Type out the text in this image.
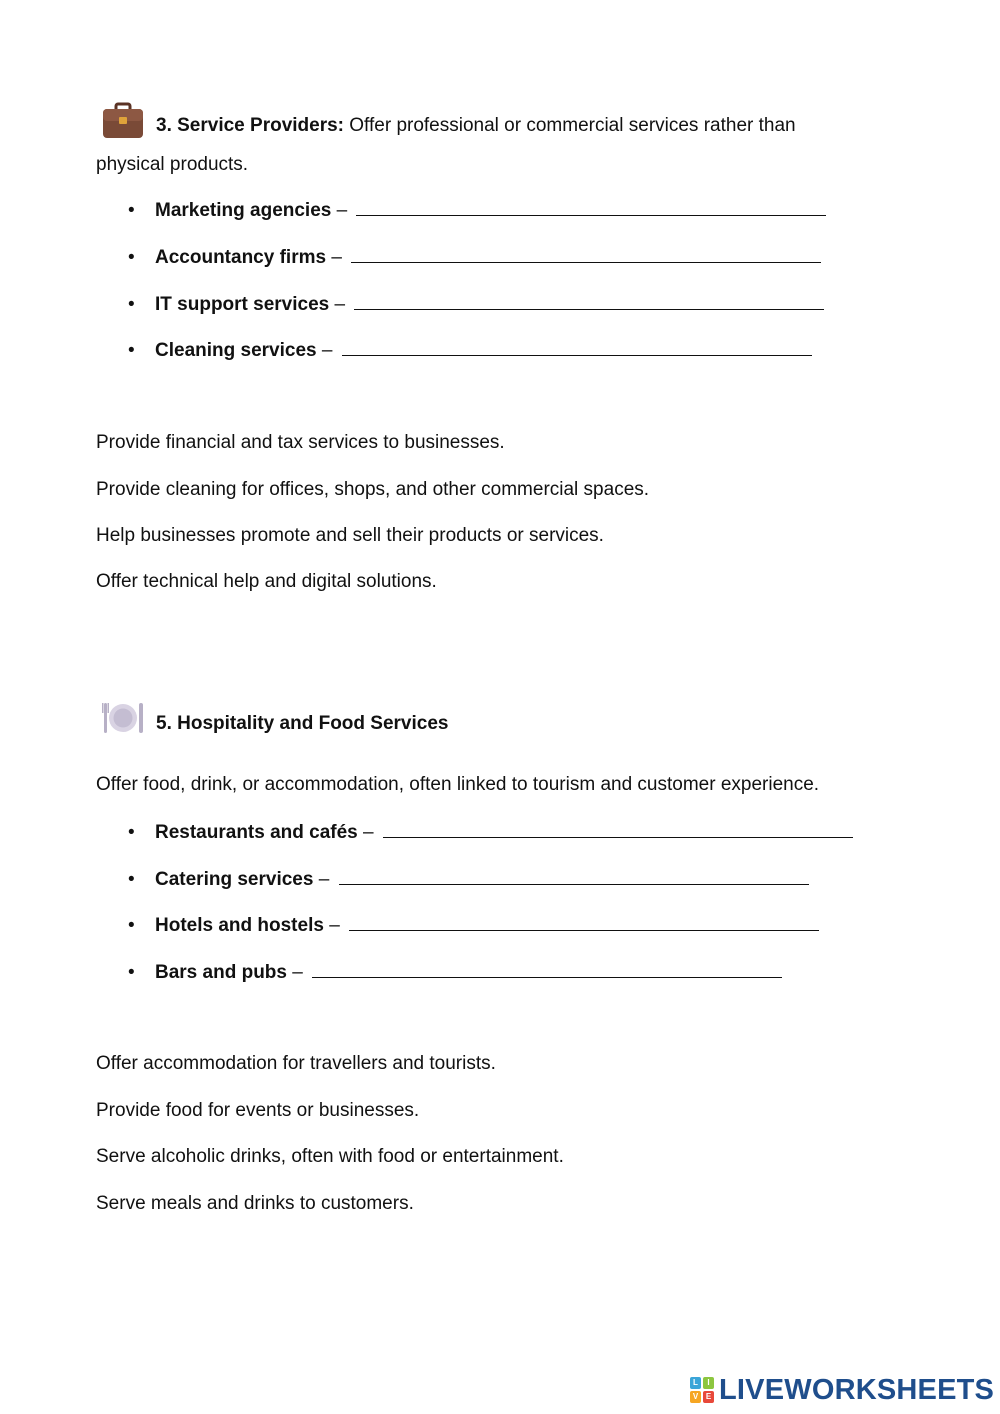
3. Service Providers: Offer professional or commercial services rather than
physical products.
•	Marketing agencies –
•	Accountancy firms –
•	IT support services –
•	Cleaning services –
Provide financial and tax services to businesses.
Provide cleaning for offices, shops, and other commercial spaces.
Help businesses promote and sell their products or services.
Offer technical help and digital solutions.
5. Hospitality and Food Services
Offer food, drink, or accommodation, often linked to tourism and customer experience.
•	Restaurants and cafés –
•	Catering services –
•	Hotels and hostels –
•	Bars and pubs –
Offer accommodation for travellers and tourists.
Provide food for events or businesses.
Serve alcoholic drinks, often with food or entertainment.
Serve meals and drinks to customers.
L	I
V E LIVEWORKSHEETS
